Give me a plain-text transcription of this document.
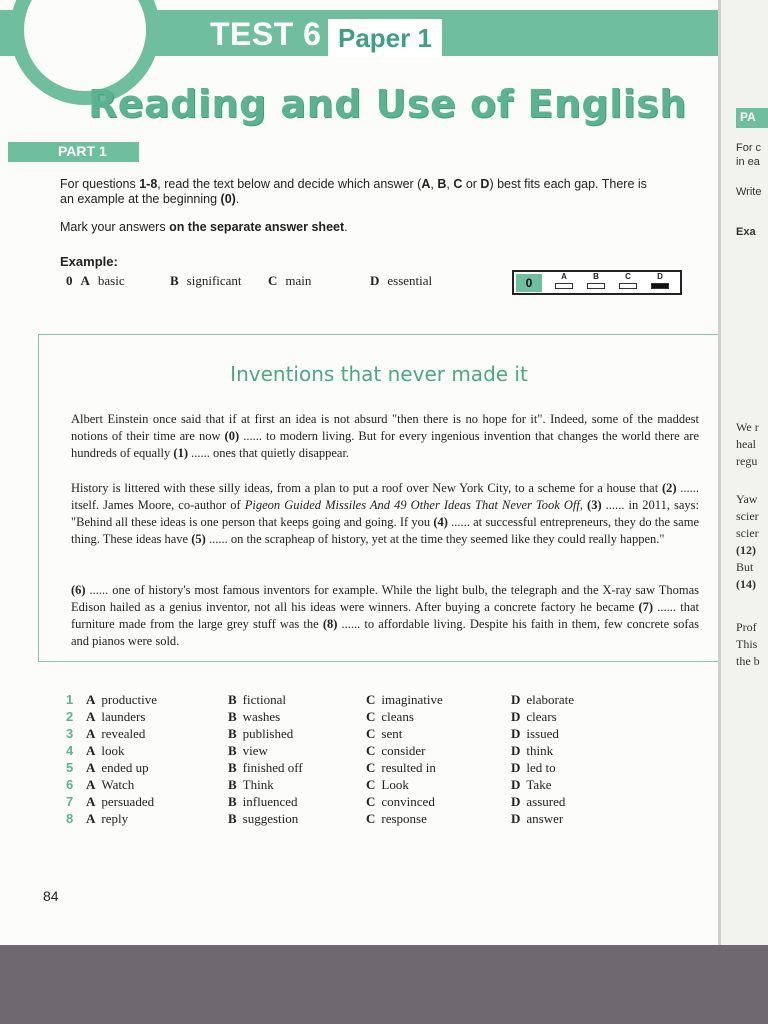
TEST 6 Paper 1
Reading and Use of English
PART 1

For questions 1-8, read the text below and decide which answer (A, B, C or D) best fits each gap. There is

an example at the beginning (0).

Mark your answers on the separate answer sheet.

Example:
0 A basic	B significant C main	D essential	0	A	B	C	D
Inventions that never made it

Albert Einstein once said that if at first an idea is not absurd "then there is no hope for it". Indeed, some of the maddest notions of their time are now (0) ...... to modern living. But for every ingenious invention that changes the world there are hundreds of equally (1) ...... ones that quietly disappear.

History is littered with these silly ideas, from a plan to put a roof over New York City, to a scheme for a house that (2) ...... itself. James Moore, co-author of Pigeon Guided Missiles And 49 Other Ideas That Never Took Off, (3) ...... in 2011, says: "Behind all these ideas is one person that keeps going and going. If you (4) ...... at successful entrepreneurs, they do the same thing. These ideas have (5) ...... on the scrapheap of history, yet at the time they seemed like they could really happen."

(6) ...... one of history's most famous inventors for example. While the light bulb, the telegraph and the X-ray saw Thomas Edison hailed as a genius inventor, not all his ideas were winners. After buying a concrete factory he became (7) ...... that furniture made from the large grey stuff was the (8) ...... to affordable living. Despite his faith in them, few concrete sofas and pianos were sold.

1 A productive	B fictional	C imaginative	D elaborate
2 A launders	B washes	C cleans	D clears
3 A revealed	B published	C sent	D issued
4 A look	B view	C consider	D think
5 A ended up	B finished off	C resulted in	D led to
6 A Watch	B Think	C Look	D Take
7 A persuaded	B influenced	C convinced	D assured
8 A reply	B suggestion	C response	D answer
84
PA
For c
in ea
Write
Exa
We r
heal
regu
Yaw
scier
scier
(12)
But
(14)
Prof
This
the b
